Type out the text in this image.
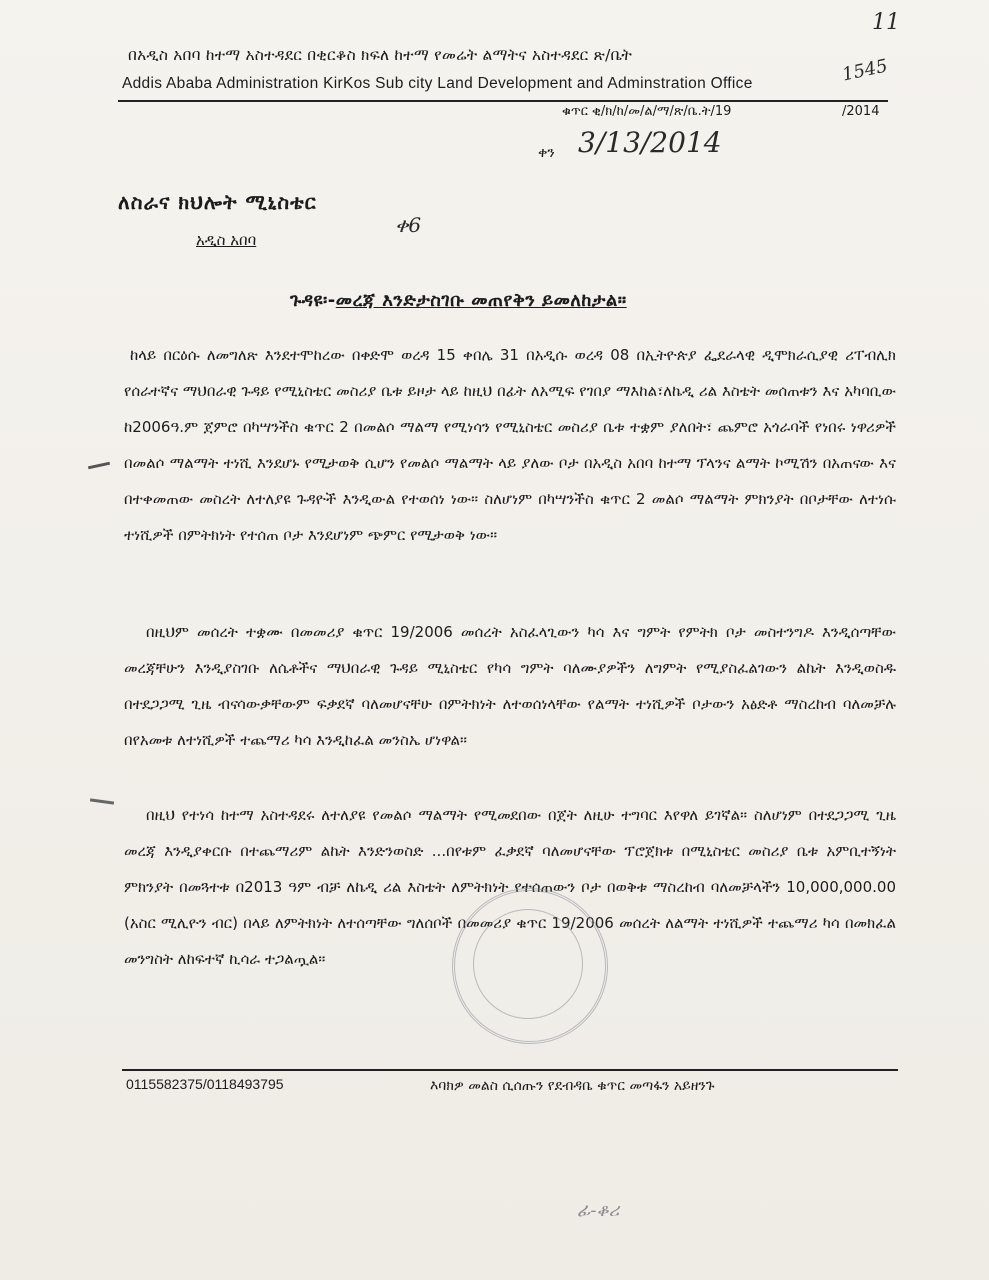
11
በአዲስ አበባ ከተማ አስተዳደር በቂርቆስ ክፍለ ከተማ የመሬት ልማትና አስተዳደር ጽ/ቤት
Addis Ababa Administration KirKos Sub city Land Development and Adminstration Office	1545
ቁጥር ቂ/ክ/ከ/መ/ል/ማ/ጽ/ቤ.ት/19	/2014
ቀን 3/13/2014
ለስራና ክህሎት ሚኒስቴር
አዲስ አበባ
ቀ6
ጉዳዩ፡-መረጃ እንድታስገቡ መጠየቅን ይመለከታል።

ከላይ በርዕሱ ለመግለጽ እንደተሞከረው በቀድሞ ወረዳ 15 ቀበሌ 31 በአዲሱ ወረዳ 08 በኢትዮጵያ ፌደራላዊ ዲሞክራሲያዊ ሪፐብሊክ የሰራተኛና ማህበራዊ ጉዳይ የሚኒስቴር መስሪያ ቤቱ ይዞታ ላይ ከዚህ በፊት ለአሚፍ የገበያ ማእከል፣ለኬዲ ሪል እስቴት መሰጠቱን እና አካባቢው ከ2006ዓ.ም ጀምሮ በካሣንችስ ቁጥር 2 በመልሶ ማልማ የሚነሳን የሚኒስቴር መስሪያ ቤቱ ተቋም ያለበት፣ ጨምሮ አጎራባች የነበሩ ነዋሪዎች በመልሶ ማልማት ተነሺ እንደሆኑ የሚታወቅ ሲሆን የመልሶ ማልማት ላይ ያለው ቦታ በአዲስ አበባ ከተማ ፕላንና ልማት ኮሚሽን በአጠናው እና በተቀመጠው መስረት ለተለያዩ ጉዳዮች እንዲውል የተወሰነ ነው። ስለሆነም በካሣንችስ ቁጥር 2 መልሶ ማልማት ምክንያት በቦታቸው ለተነሱ ተነሺዎች በምትክነት የተሰጠ ቦታ እንደሆነም ጭምር የሚታወቅ ነው።

በዚህም መሰረት ተቋሙ በመመሪያ ቁጥር 19/2006 መሰረት አስፈላጊውን ካሳ እና ግምት የምትክ ቦታ መስተንግዶ እንዲሰጣቸው መረጃቸሁን እንዲያስገቡ ለሴቶችና ማህበራዊ ጉዳይ ሚኒስቴር የካሳ ግምት ባለሙያዎችን ለግምት የሚያስፈልገውን ልኬት እንዲወስዱ በተደጋጋሚ ጊዜ ብናሳውቃቸውም ፍቃደኛ ባለመሆናቸሁ በምትክነት ለተወሰነላቸው የልማት ተነሺዎች ቦታውን አፅድቶ ማስረከብ ባለመቻሉ በየአመቱ ለተነሺዎች ተጨማሪ ካሳ እንዲከፈል መንስኤ ሆነዋል።

በዚህ የተነሳ ከተማ አስተዳደሩ ለተለያዩ የመልሶ ማልማት የሚመደበው በጀት ለዚሁ ተግባር እየዋለ ይገኛል። ስለሆነም በተደጋጋሚ ጊዜ መረጃ እንዲያቀርቡ በተጨማሪም ልኬት እንድንወስድ ...በየቱም ፈቃደኛ ባለመሆናቸው ፕሮጀክቱ በሚኒስቴር መስሪያ ቤቱ አምቢተኝነት ምክንያት በመጓተቱ በ2013 ዓም ብቻ ለኬዲ ሪል እስቴት ለምትክነት የተሰጠውን ቦታ በወቅቱ ማስረከብ ባለመቻላችን 10,000,000.00 (አስር ሚሊዮን ብር) በላይ ለምትክነት ለተሰጣቸው ግለሰቦች በመመሪያ ቁጥር 19/2006 መሰረት ለልማት ተነሺዎች ተጨማሪ ካሳ በመክፈል መንግስት ለከፍተኛ ኪሳራ ተጋልጧል።

0115582375/0118493795	እባክዎ መልስ ሲሰጡን የደብዳቤ ቁጥር መጣፋን አይዘንጉ
ፊ-ቆሪ
